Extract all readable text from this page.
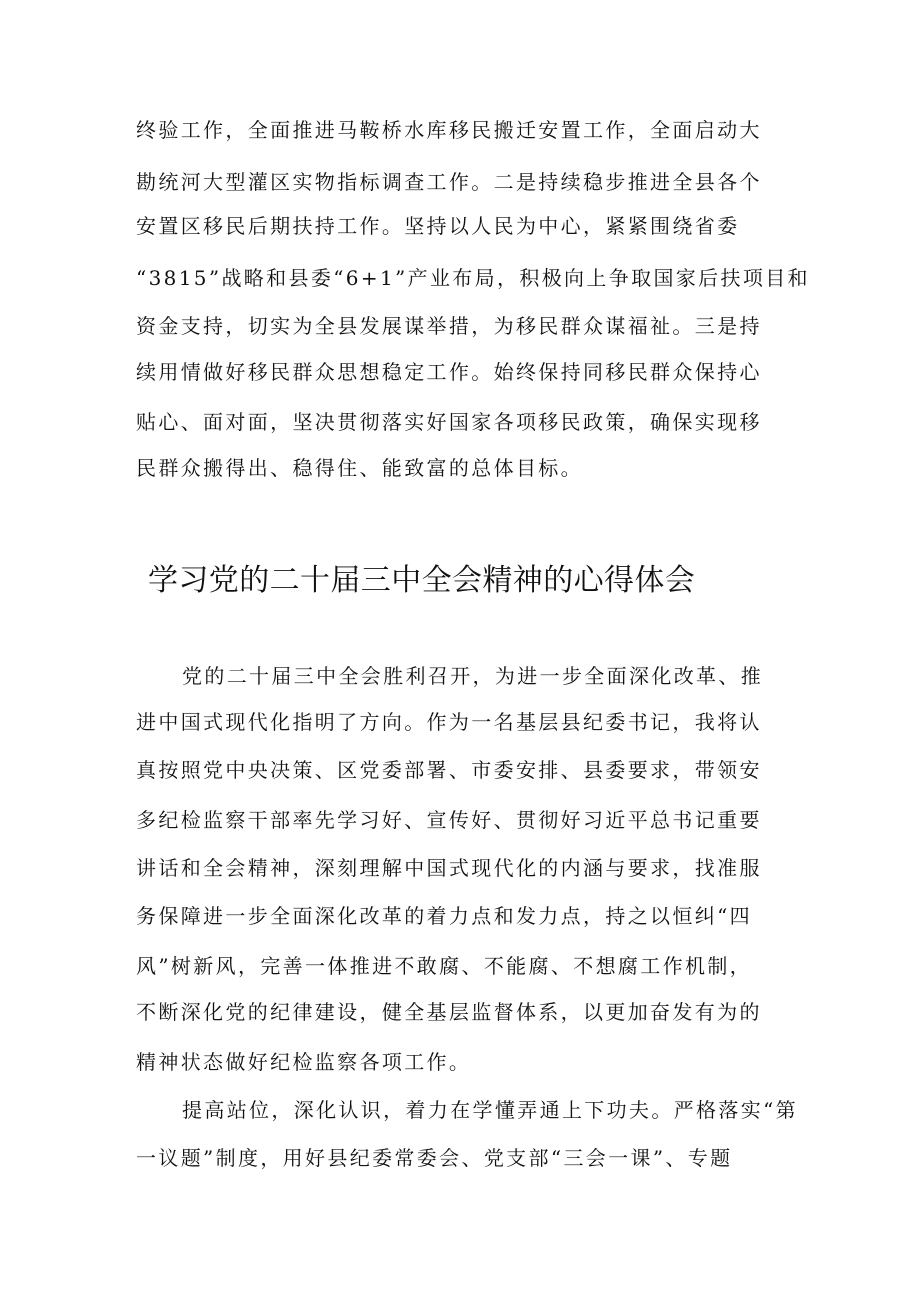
终验工作，全面推进马鞍桥水库移民搬迁安置工作，全面启动大
勘统河大型灌区实物指标调查工作。二是持续稳步推进全县各个
安置区移民后期扶持工作。坚持以人民为中心，紧紧围绕省委
“3815”战略和县委“6+1”产业布局，积极向上争取国家后扶项目和
资金支持，切实为全县发展谋举措，为移民群众谋福祉。三是持
续用情做好移民群众思想稳定工作。始终保持同移民群众保持心
贴心、面对面，坚决贯彻落实好国家各项移民政策，确保实现移
民群众搬得出、稳得住、能致富的总体目标。
学习党的二十届三中全会精神的心得体会
党的二十届三中全会胜利召开，为进一步全面深化改革、推
进中国式现代化指明了方向。作为一名基层县纪委书记，我将认
真按照党中央决策、区党委部署、市委安排、县委要求，带领安
多纪检监察干部率先学习好、宣传好、贯彻好习近平总书记重要
讲话和全会精神，深刻理解中国式现代化的内涵与要求，找准服
务保障进一步全面深化改革的着力点和发力点，持之以恒纠“四
风”树新风，完善一体推进不敢腐、不能腐、不想腐工作机制，
不断深化党的纪律建设，健全基层监督体系，以更加奋发有为的
精神状态做好纪检监察各项工作。
提高站位，深化认识，着力在学懂弄通上下功夫。严格落实“第
一议题”制度，用好县纪委常委会、党支部“三会一课”、专题
